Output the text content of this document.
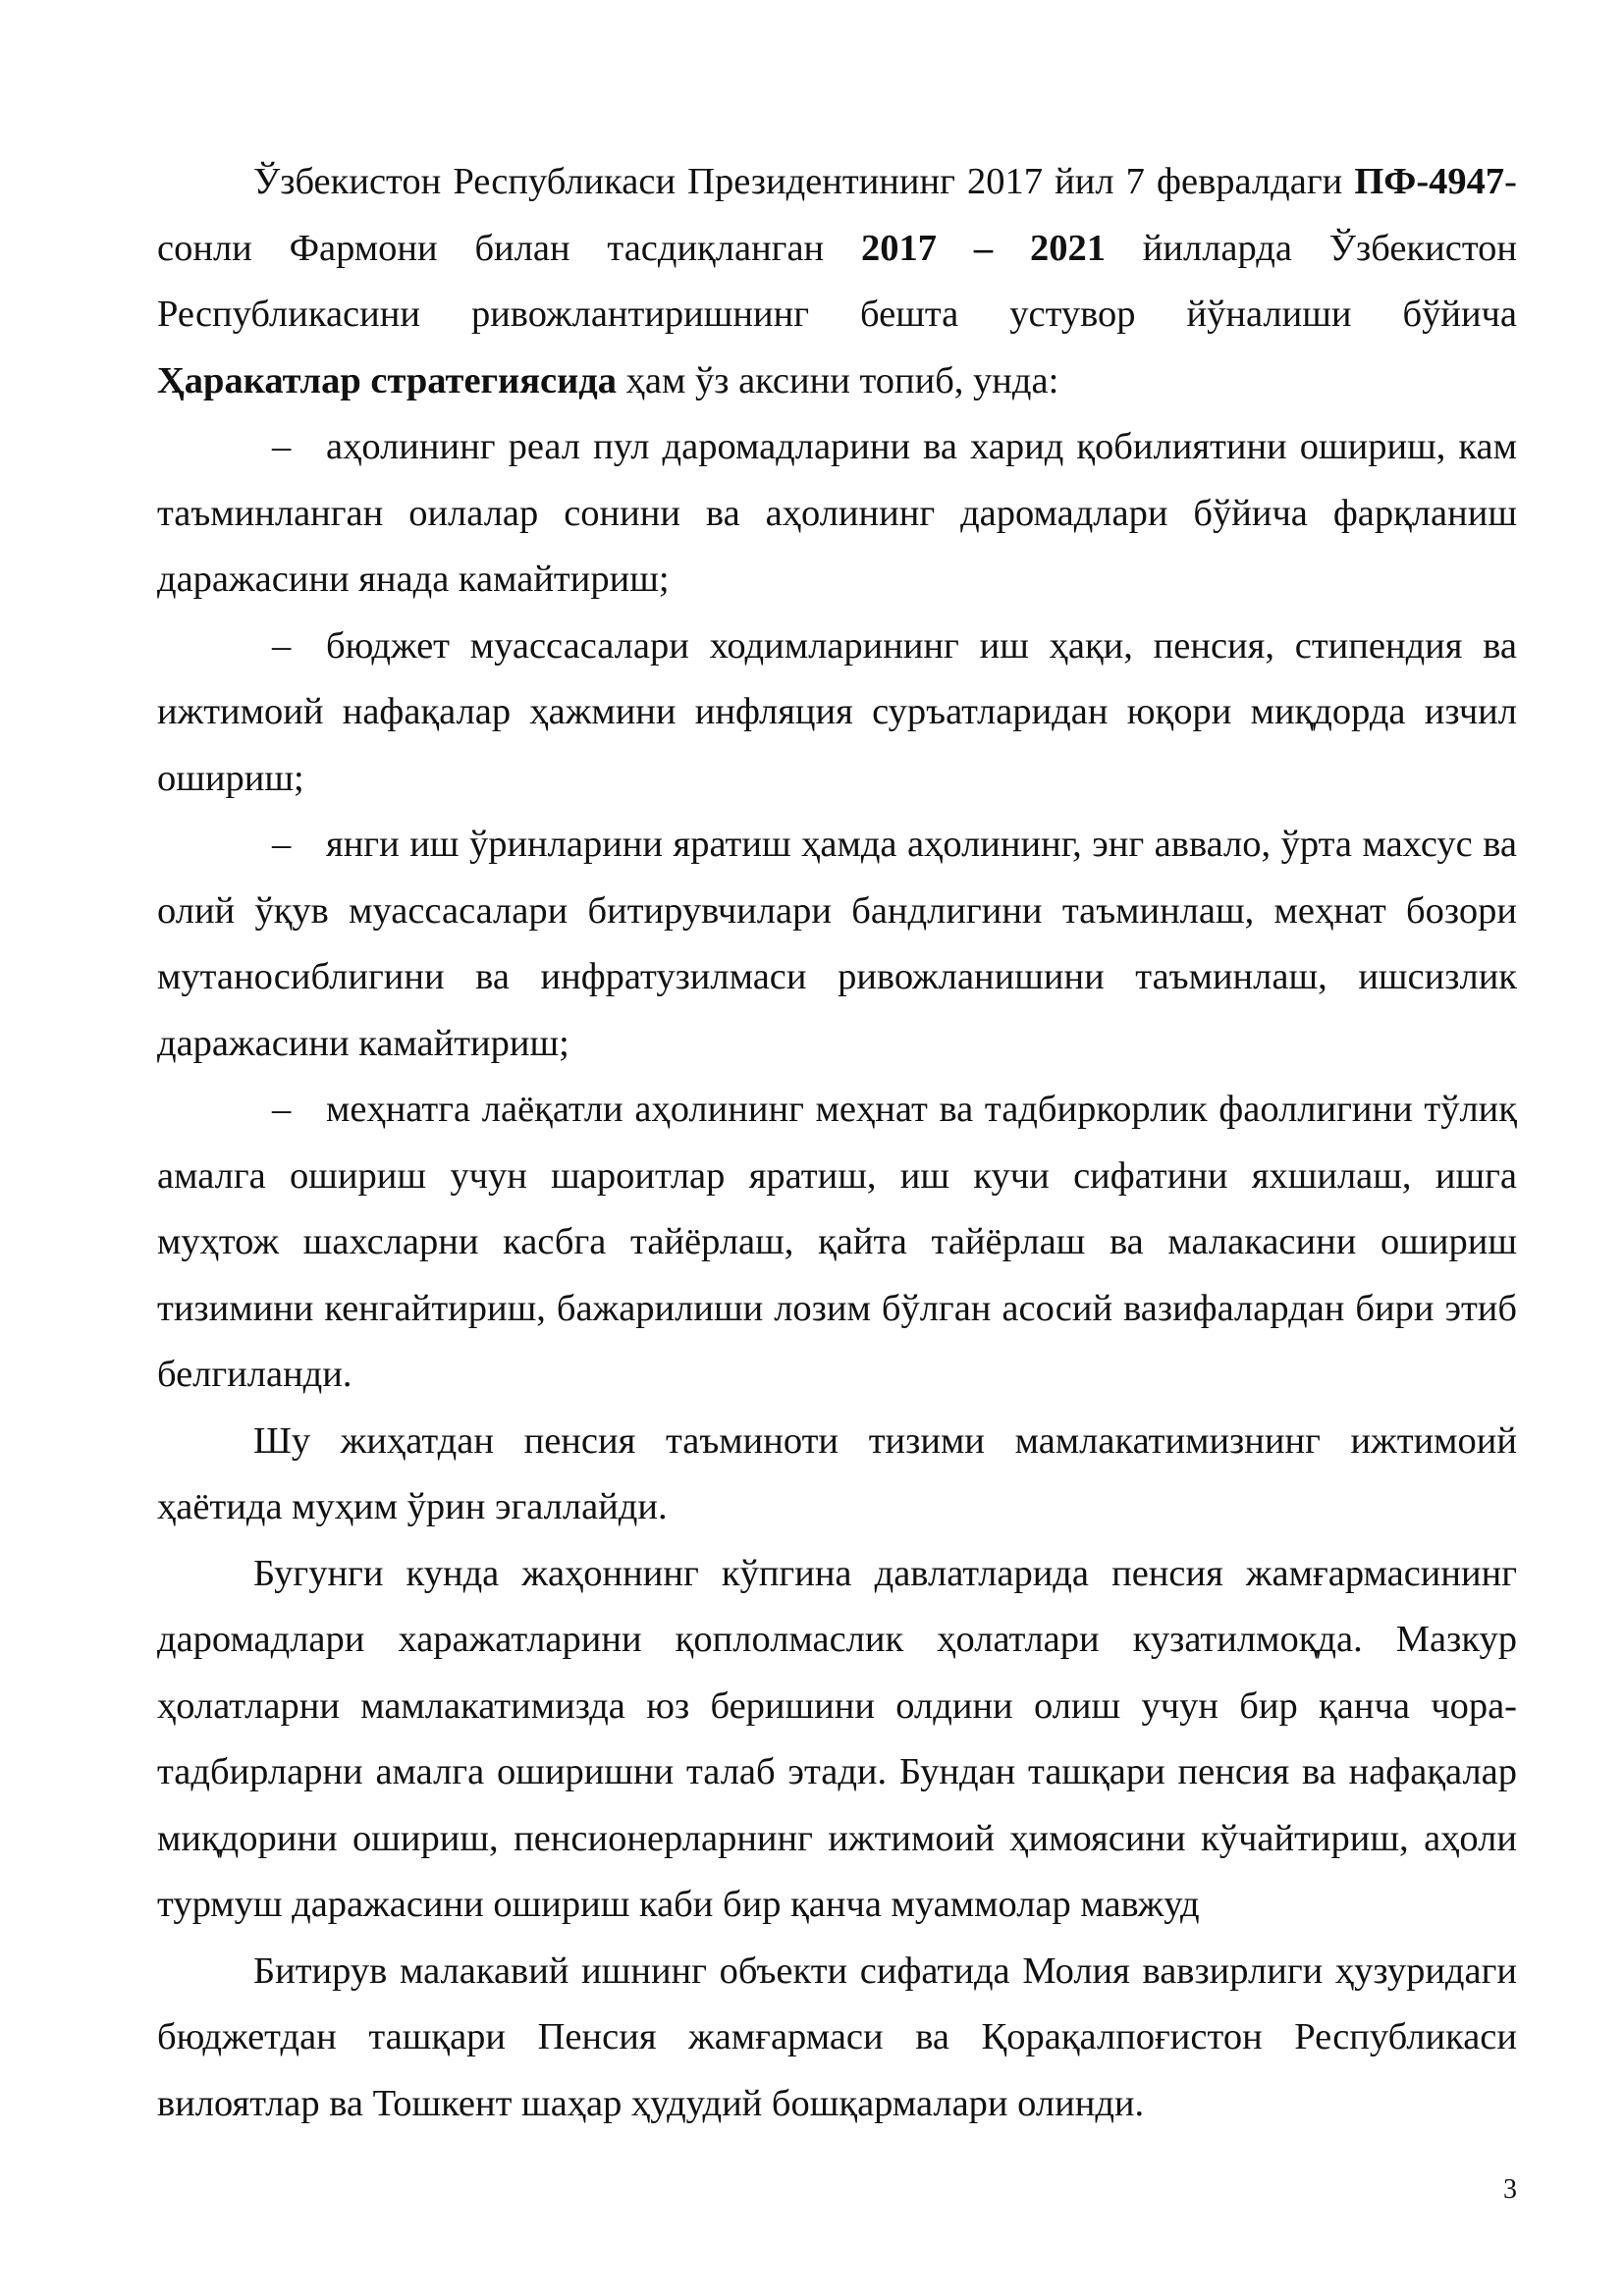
Ўзбекистон Республикаси Президентининг 2017 йил 7 февралдаги ПФ-4947-сонли Фармони билан тасдиқланган 2017 – 2021 йилларда Ўзбекистон Республикасини ривожлантиришнинг бешта устувор йўналиши бўйича Ҳаракатлар стратегиясида ҳам ўз аксини топиб, унда:

– аҳолининг реал пул даромадларини ва харид қобилиятини ошириш, кам таъминланган оилалар сонини ва аҳолининг даромадлари бўйича фарқланиш даражасини янада камайтириш;

– бюджет муассасалари ходимларининг иш ҳақи, пенсия, стипендия ва ижтимоий нафақалар ҳажмини инфляция суръатларидан юқори миқдорда изчил ошириш;

– янги иш ўринларини яратиш ҳамда аҳолининг, энг аввало, ўрта махсус ва олий ўқув муассасалари битирувчилари бандлигини таъминлаш, меҳнат бозори мутаносиблигини ва инфратузилмаси ривожланишини таъминлаш, ишсизлик даражасини камайтириш;

– меҳнатга лаёқатли аҳолининг меҳнат ва тадбиркорлик фаоллигини тўлиқ амалга ошириш учун шароитлар яратиш, иш кучи сифатини яхшилаш, ишга муҳтож шахсларни касбга тайёрлаш, қайта тайёрлаш ва малакасини ошириш тизимини кенгайтириш, бажарилиши лозим бўлган асосий вазифалардан бири этиб белгиланди.

Шу жиҳатдан пенсия таъминоти тизими мамлакатимизнинг ижтимоий ҳаётида муҳим ўрин эгаллайди.

Бугунги кунда жаҳоннинг кўпгина давлатларида пенсия жамғармасининг даромадлари харажатларини қоплолмаслик ҳолатлари кузатилмоқда. Мазкур ҳолатларни мамлакатимизда юз беришини олдини олиш учун бир қанча чора-тадбирларни амалга оширишни талаб этади. Бундан ташқари пенсия ва нафақалар миқдорини ошириш, пенсионерларнинг ижтимоий ҳимоясини кўчайтириш, аҳоли турмуш даражасини ошириш каби бир қанча муаммолар мавжуд

Битирув малакавий ишнинг объекти сифатида Молия вавзирлиги ҳузуридаги бюджетдан ташқари Пенсия жамғармаси ва Қорақалпоғистон Республикаси вилоятлар ва Тошкент шаҳар ҳудудий бошқармалари олинди.

3
